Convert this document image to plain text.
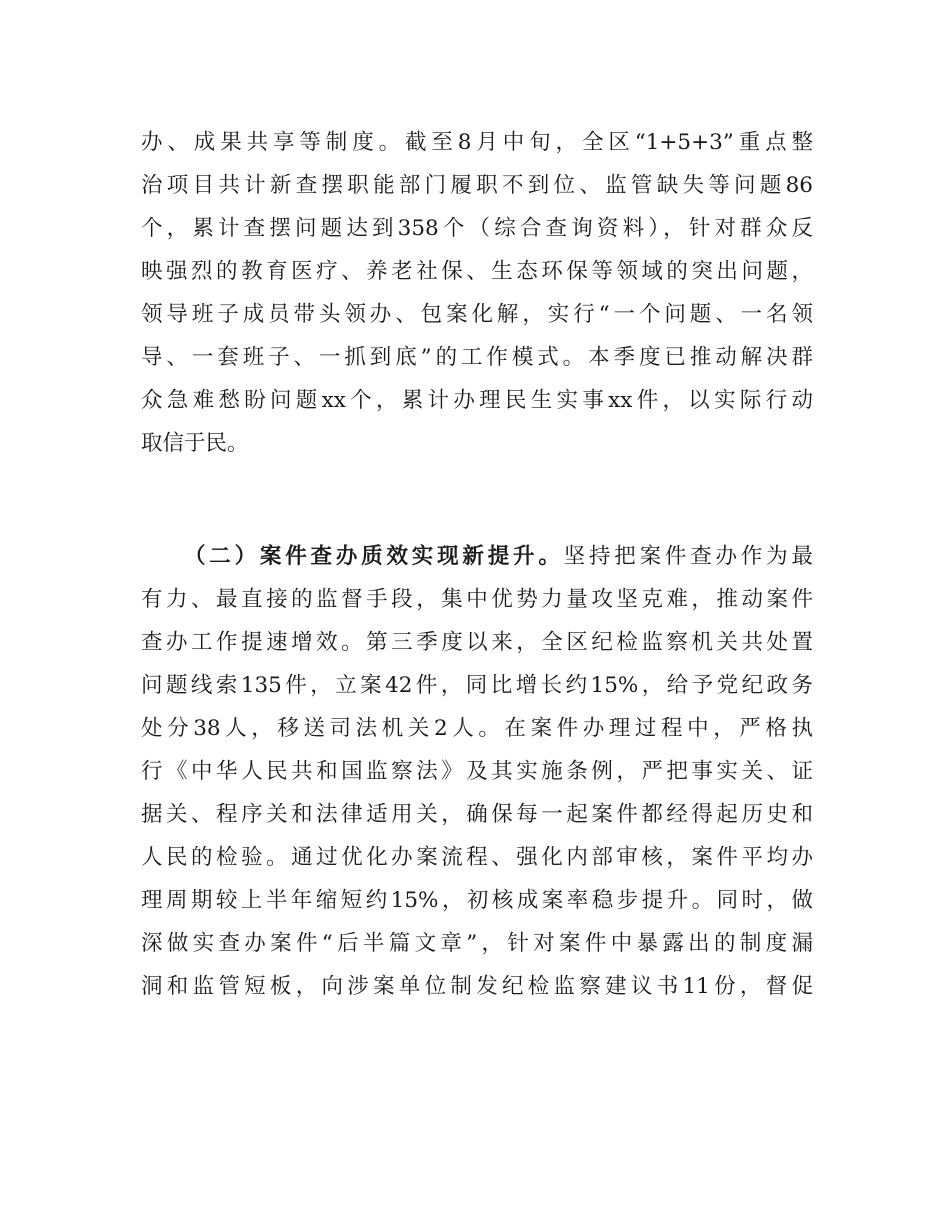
办、成果共享等制度。截至8月中旬，全区“1+5+3”重点整
治项目共计新查摆职能部门履职不到位、监管缺失等问题86
个，累计查摆问题达到358个（综合查询资料），针对群众反
映强烈的教育医疗、养老社保、生态环保等领域的突出问题，
领导班子成员带头领办、包案化解，实行“一个问题、一名领
导、一套班子、一抓到底”的工作模式。本季度已推动解决群
众急难愁盼问题xx个，累计办理民生实事xx件，以实际行动
取信于民。
（二）案件查办质效实现新提升。坚持把案件查办作为最
有力、最直接的监督手段，集中优势力量攻坚克难，推动案件
查办工作提速增效。第三季度以来，全区纪检监察机关共处置
问题线索135件，立案42件，同比增长约15%，给予党纪政务
处分38人，移送司法机关2人。在案件办理过程中，严格执
行《中华人民共和国监察法》及其实施条例，严把事实关、证
据关、程序关和法律适用关，确保每一起案件都经得起历史和
人民的检验。通过优化办案流程、强化内部审核，案件平均办
理周期较上半年缩短约15%，初核成案率稳步提升。同时，做
深做实查办案件“后半篇文章”，针对案件中暴露出的制度漏
洞和监管短板，向涉案单位制发纪检监察建议书11份，督促
